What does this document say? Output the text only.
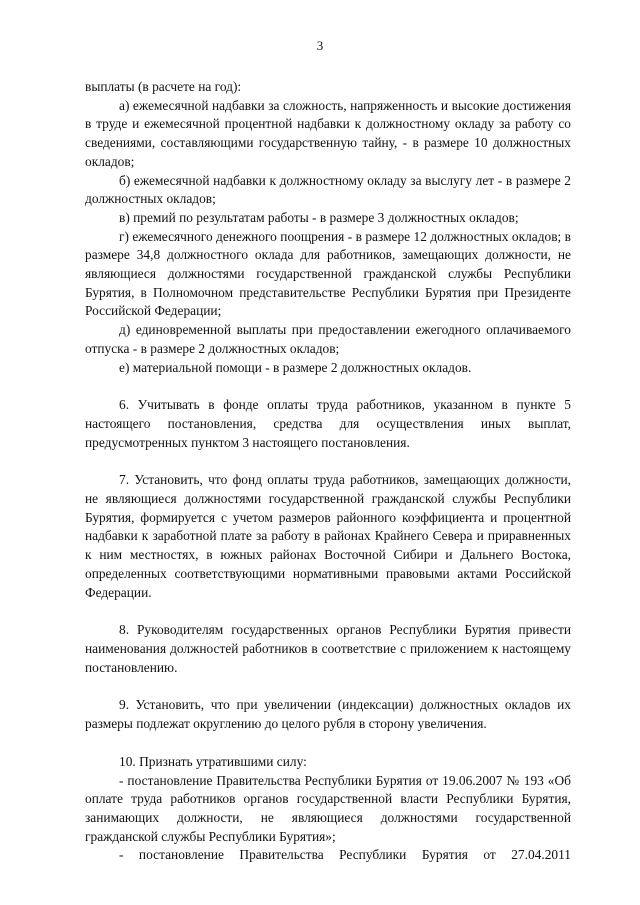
3

выплаты (в расчете на год):

а) ежемесячной надбавки за сложность, напряженность и высокие достижения в труде и ежемесячной процентной надбавки к должностному окладу за работу со сведениями, составляющими государственную тайну, - в размере 10 должностных окладов;

б) ежемесячной надбавки к должностному окладу за выслугу лет - в размере 2 должностных окладов;

в) премий по результатам работы - в размере 3 должностных окладов;

г) ежемесячного денежного поощрения - в размере 12 должностных окладов; в размере 34,8 должностного оклада для работников, замещающих должности, не являющиеся должностями государственной гражданской службы Республики Бурятия, в Полномочном представительстве Республики Бурятия при Президенте Российской Федерации;

д) единовременной выплаты при предоставлении ежегодного оплачиваемого отпуска - в размере 2 должностных окладов;

е) материальной помощи - в размере 2 должностных окладов.

6. Учитывать в фонде оплаты труда работников, указанном в пункте 5 настоящего постановления, средства для осуществления иных выплат, предусмотренных пунктом 3 настоящего постановления.

7. Установить, что фонд оплаты труда работников, замещающих должности, не являющиеся должностями государственной гражданской службы Республики Бурятия, формируется с учетом размеров районного коэффициента и процентной надбавки к заработной плате за работу в районах Крайнего Севера и приравненных к ним местностях, в южных районах Восточной Сибири и Дальнего Востока, определенных соответствующими нормативными правовыми актами Российской Федерации.

8. Руководителям государственных органов Республики Бурятия привести наименования должностей работников в соответствие с приложением к настоящему постановлению.

9. Установить, что при увеличении (индексации) должностных окладов их размеры подлежат округлению до целого рубля в сторону увеличения.

10. Признать утратившими силу:

- постановление Правительства Республики Бурятия от 19.06.2007 № 193 «Об оплате труда работников органов государственной власти Республики Бурятия, занимающих должности, не являющиеся должностями государственной гражданской службы Республики Бурятия»;

- постановление Правительства Республики Бурятия от 27.04.2011
